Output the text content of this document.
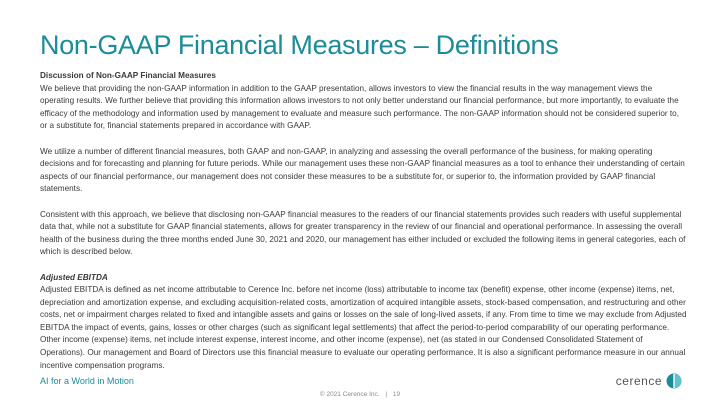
Non-GAAP Financial Measures – Definitions

Discussion of Non-GAAP Financial Measures
We believe that providing the non-GAAP information in addition to the GAAP presentation, allows investors to view the financial results in the way management views the operating results. We further believe that providing this information allows investors to not only better understand our financial performance, but more importantly, to evaluate the efficacy of the methodology and information used by management to evaluate and measure such performance. The non-GAAP information should not be considered superior to, or a substitute for, financial statements prepared in accordance with GAAP.

We utilize a number of different financial measures, both GAAP and non-GAAP, in analyzing and assessing the overall performance of the business, for making operating decisions and for forecasting and planning for future periods. While our management uses these non-GAAP financial measures as a tool to enhance their understanding of certain aspects of our financial performance, our management does not consider these measures to be a substitute for, or superior to, the information provided by GAAP financial statements.

Consistent with this approach, we believe that disclosing non-GAAP financial measures to the readers of our financial statements provides such readers with useful supplemental data that, while not a substitute for GAAP financial statements, allows for greater transparency in the review of our financial and operational performance. In assessing the overall health of the business during the three months ended June 30, 2021 and 2020, our management has either included or excluded the following items in general categories, each of which is described below.

Adjusted EBITDA
Adjusted EBITDA is defined as net income attributable to Cerence Inc. before net income (loss) attributable to income tax (benefit) expense, other income (expense) items, net, depreciation and amortization expense, and excluding acquisition-related costs, amortization of acquired intangible assets, stock-based compensation, and restructuring and other costs, net or impairment charges related to fixed and intangible assets and gains or losses on the sale of long-lived assets, if any. From time to time we may exclude from Adjusted EBITDA the impact of events, gains, losses or other charges (such as significant legal settlements) that affect the period-to-period comparability of our operating performance. Other income (expense) items, net include interest expense, interest income, and other income (expense), net (as stated in our Condensed Consolidated Statement of Operations). Our management and Board of Directors use this financial measure to evaluate our operating performance. It is also a significant performance measure in our annual incentive compensation programs.

AI for a World in Motion
© 2021 Cerence Inc. | 19
cerence
